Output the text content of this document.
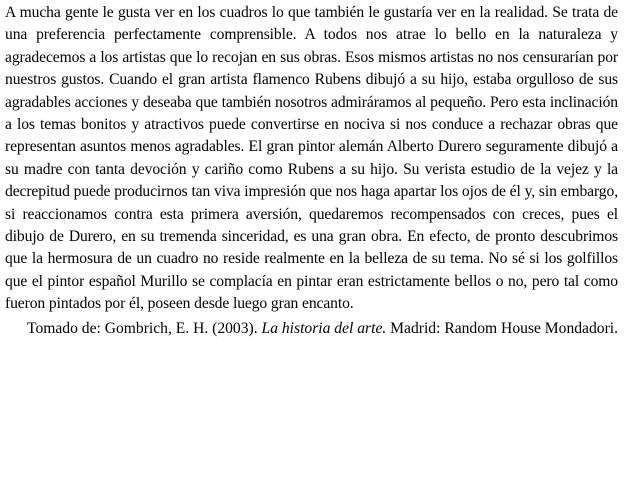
A mucha gente le gusta ver en los cuadros lo que también le gustaría ver en la realidad. Se trata de una preferencia perfectamente comprensible. A todos nos atrae lo bello en la naturaleza y agradecemos a los artistas que lo recojan en sus obras. Esos mismos artistas no nos censurarían por nuestros gustos. Cuando el gran artista flamenco Rubens dibujó a su hijo, estaba orgulloso de sus agradables acciones y deseaba que también nosotros admiráramos al pequeño. Pero esta inclinación a los temas bonitos y atractivos puede convertirse en nociva si nos conduce a rechazar obras que representan asuntos menos agradables. El gran pintor alemán Alberto Durero seguramente dibujó a su madre con tanta devoción y cariño como Rubens a su hijo. Su verista estudio de la vejez y la decrepitud puede producirnos tan viva impresión que nos haga apartar los ojos de él y, sin embargo, si reaccionamos contra esta primera aversión, quedaremos recompensados con creces, pues el dibujo de Durero, en su tremenda sinceridad, es una gran obra. En efecto, de pronto descubrimos que la hermosura de un cuadro no reside realmente en la belleza de su tema. No sé si los golfillos que el pintor español Murillo se complacía en pintar eran estrictamente bellos o no, pero tal como fueron pintados por él, poseen desde luego gran encanto.

Tomado de: Gombrich, E. H. (2003). La historia del arte. Madrid: Random House Mondadori.
